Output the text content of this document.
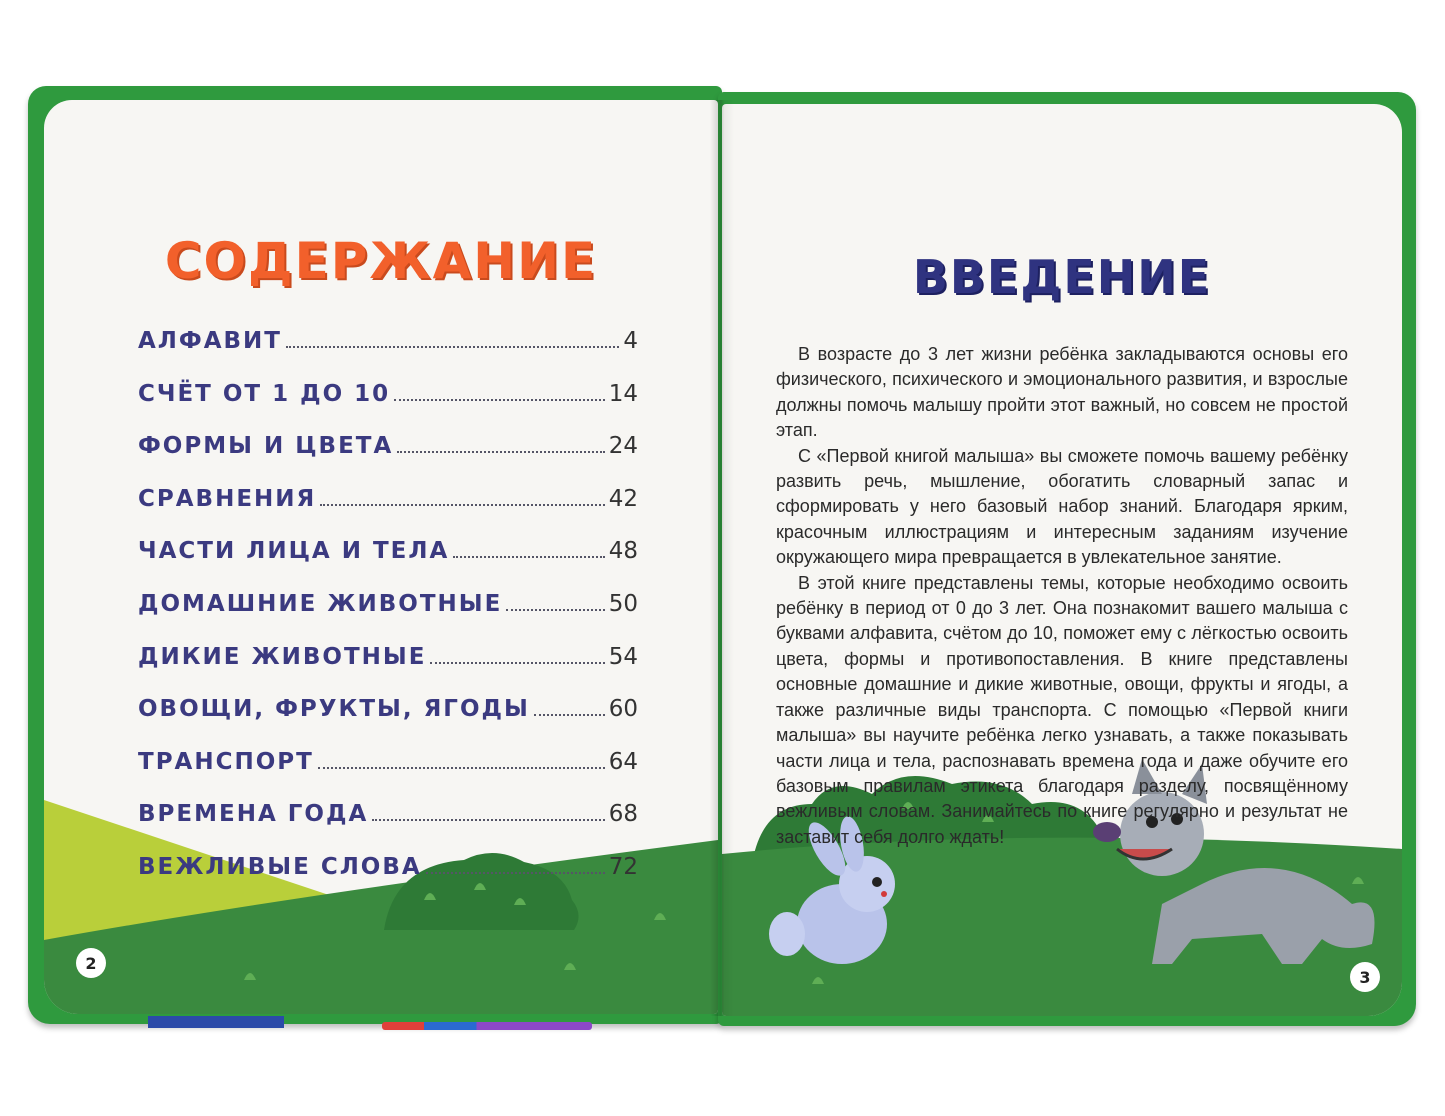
СОДЕРЖАНИЕ
АЛФАВИТ	4
СЧЁТ ОТ 1 ДО 10	14
ФОРМЫ И ЦВЕТА	24
СРАВНЕНИЯ	42
ЧАСТИ ЛИЦА И ТЕЛА	48
ДОМАШНИЕ ЖИВОТНЫЕ	50
ДИКИЕ ЖИВОТНЫЕ	54
ОВОЩИ, ФРУКТЫ, ЯГОДЫ	60
ТРАНСПОРТ	64
ВРЕМЕНА ГОДА	68
ВЕЖЛИВЫЕ СЛОВА	72
2
ВВЕДЕНИЕ

В возрасте до 3 лет жизни ребёнка закладываются основы его физического, психического и эмоционального развития, и взрослые должны помочь малышу пройти этот важный, но совсем не простой этап.

С «Первой книгой малыша» вы сможете помочь вашему ребёнку развить речь, мышление, обогатить словарный запас и сформировать у него базовый набор знаний. Благодаря ярким, красочным иллюстрациям и интересным заданиям изучение окружающего мира превращается в увлекательное занятие.

В этой книге представлены темы, которые необходимо освоить ребёнку в период от 0 до 3 лет. Она познакомит вашего малыша с буквами алфавита, счётом до 10, поможет ему с лёгкостью освоить цвета, формы и противопоставления. В книге представлены основные домашние и дикие животные, овощи, фрукты и ягоды, а также различные виды транспорта. С помощью «Первой книги малыша» вы научите ребёнка легко узнавать, а также показывать части лица и тела, распознавать времена года и даже обучите его базовым правилам этикета благодаря разделу, посвящённому вежливым словам. Занимайтесь по книге регулярно и результат не заставит себя долго ждать!

3
